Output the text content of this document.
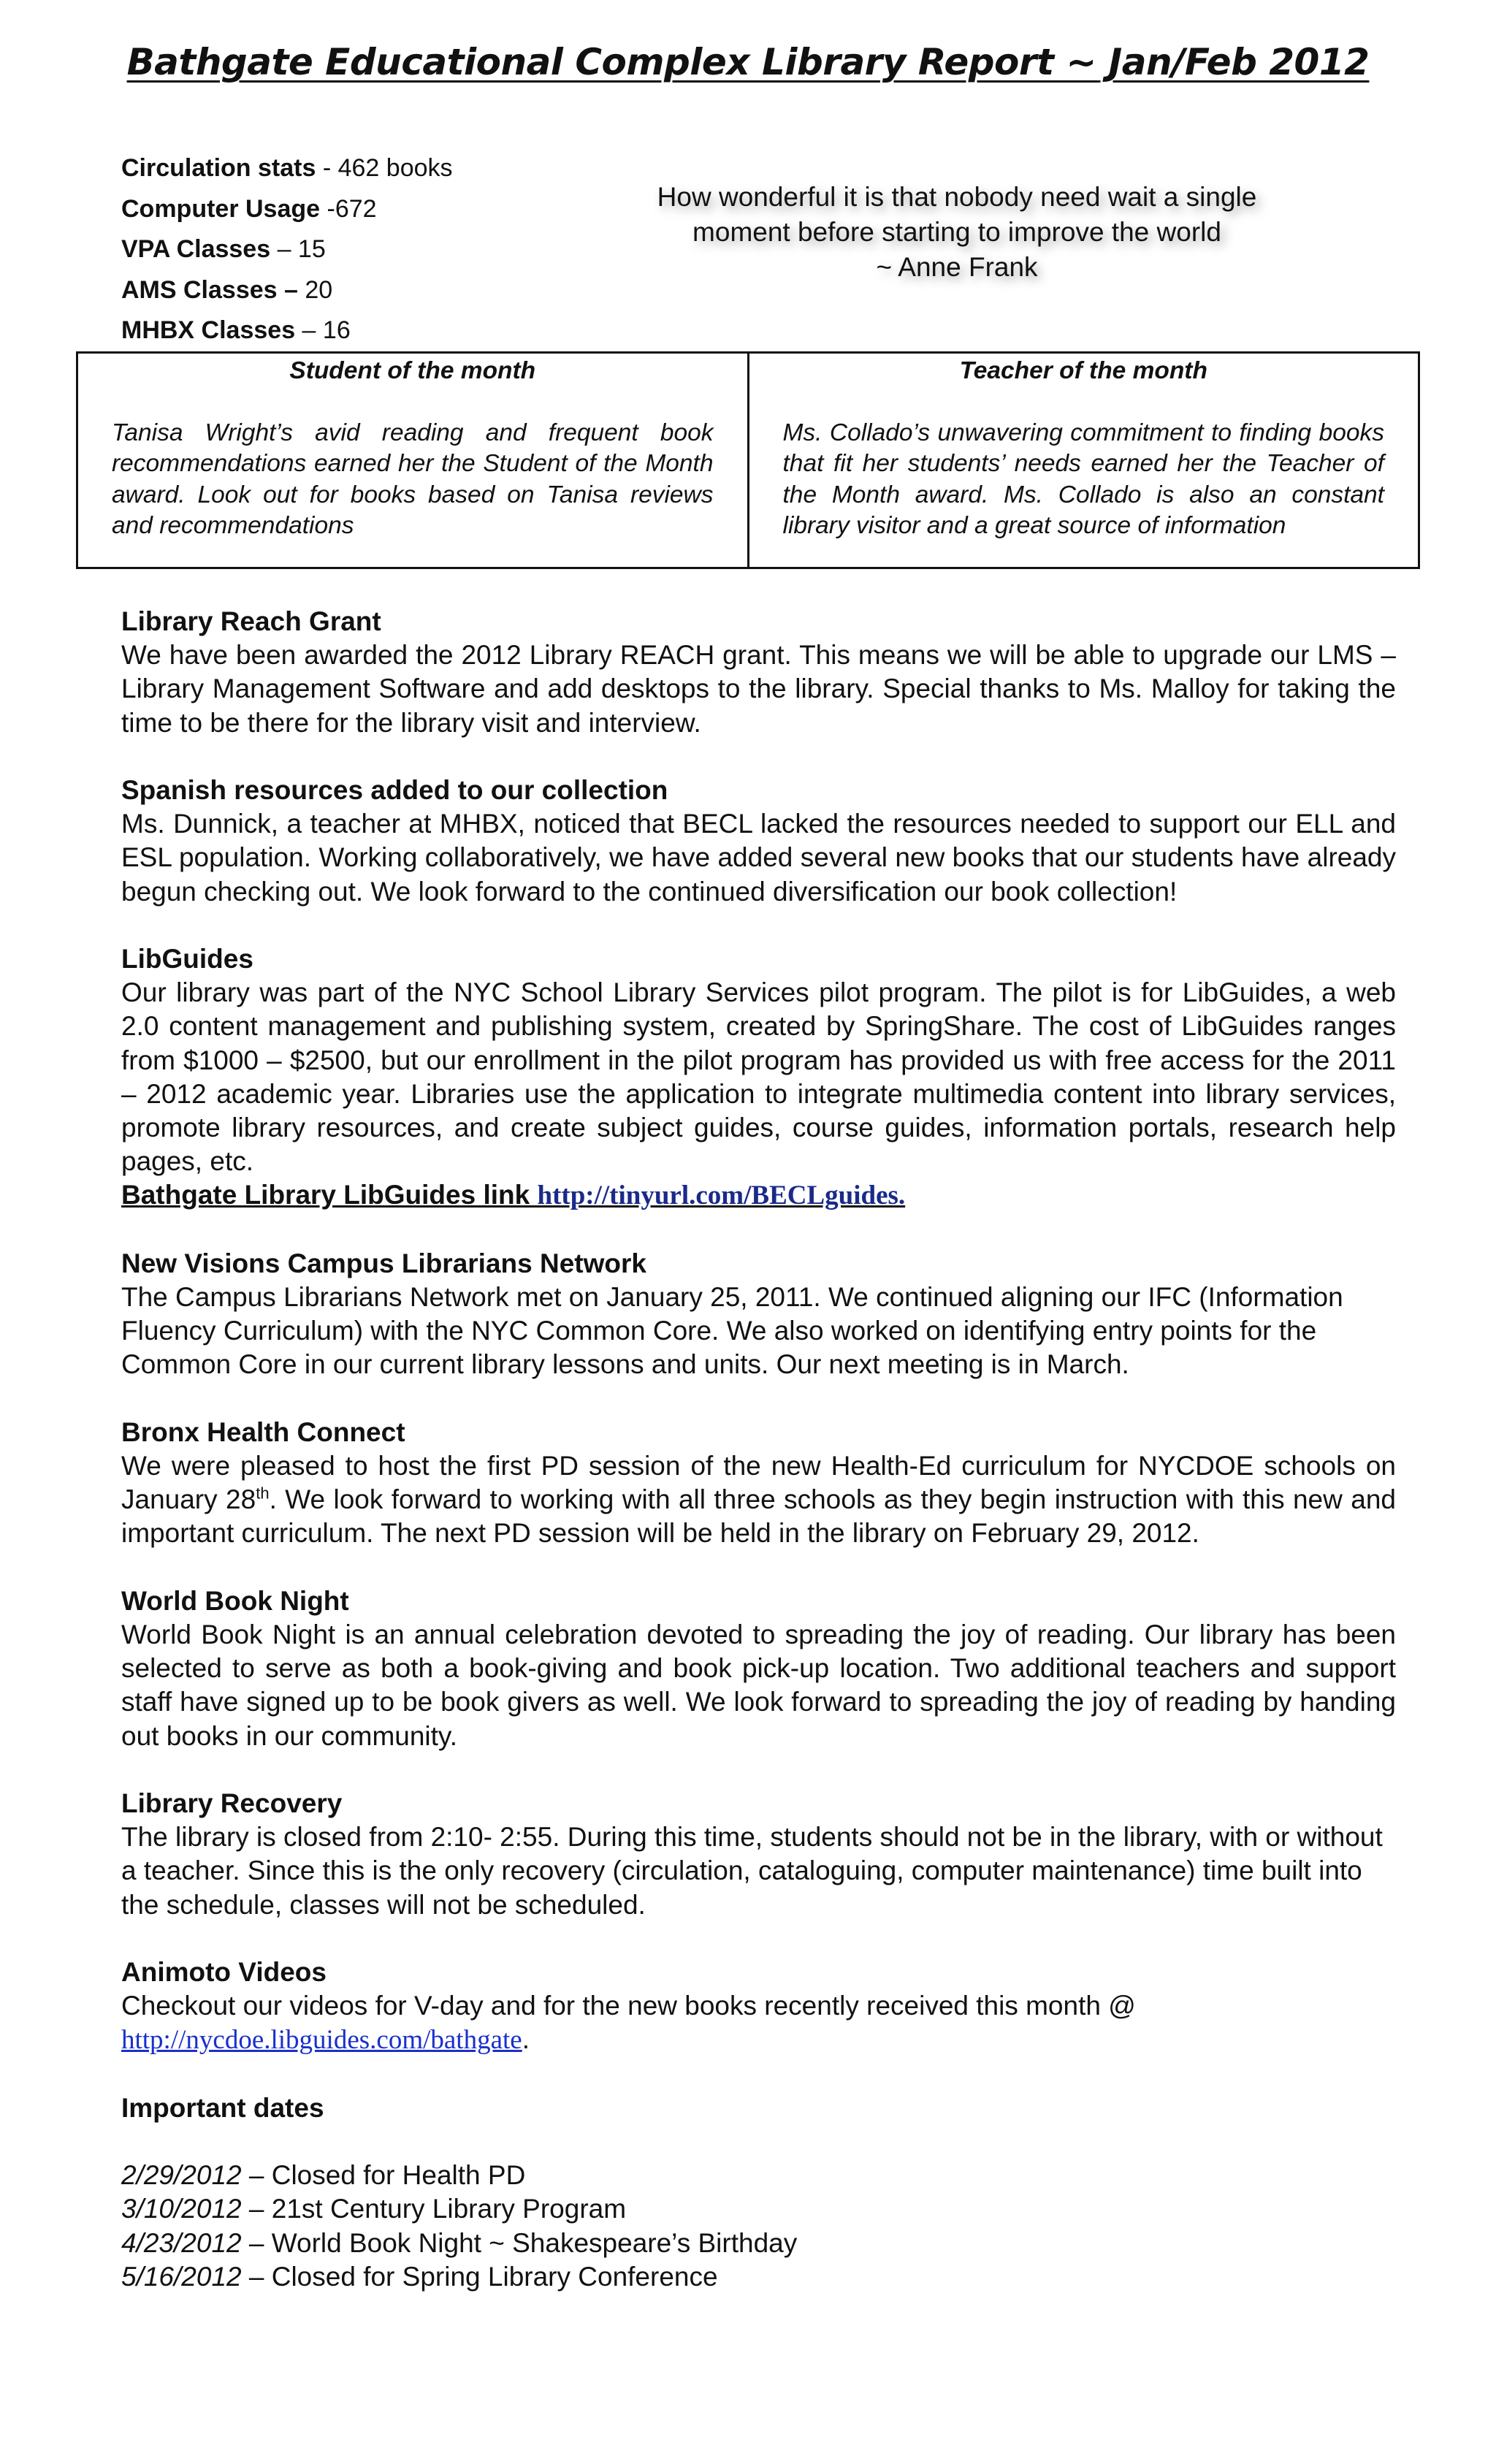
Bathgate Educational Complex Library Report ~ Jan/Feb 2012
Circulation stats - 462 books
Computer Usage -672
VPA Classes – 15
AMS Classes – 20
MHBX Classes – 16
How wonderful it is that nobody need wait a single
moment before starting to improve the world
~ Anne Frank
Student of the month
Tanisa Wright’s avid reading and frequent book recommendations earned her the Student of the Month award. Look out for books based on Tanisa reviews and recommendations
Teacher of the month
Ms. Collado’s unwavering commitment to finding books that fit her students’ needs earned her the Teacher of the Month award. Ms. Collado is also an constant library visitor and a great source of information
Library Reach Grant
We have been awarded the 2012 Library REACH grant. This means we will be able to upgrade our LMS – Library Management Software and add desktops to the library. Special thanks to Ms. Malloy for taking the time to be there for the library visit and interview.
Spanish resources added to our collection
Ms. Dunnick, a teacher at MHBX, noticed that BECL lacked the resources needed to support our ELL and ESL population. Working collaboratively, we have added several new books that our students have already begun checking out. We look forward to the continued diversification our book collection!
LibGuides
Our library was part of the NYC School Library Services pilot program. The pilot is for LibGuides, a web 2.0 content management and publishing system, created by SpringShare. The cost of LibGuides ranges from $1000 – $2500, but our enrollment in the pilot program has provided us with free access for the 2011 – 2012 academic year. Libraries use the application to integrate multimedia content into library services, promote library resources, and create subject guides, course guides, information portals, research help pages, etc.
Bathgate Library LibGuides link http://tinyurl.com/BECLguides.
New Visions Campus Librarians Network
The Campus Librarians Network met on January 25, 2011. We continued aligning our IFC (Information Fluency Curriculum) with the NYC Common Core. We also worked on identifying entry points for the Common Core in our current library lessons and units. Our next meeting is in March.
Bronx Health Connect
We were pleased to host the first PD session of the new Health-Ed curriculum for NYCDOE schools on January 28th. We look forward to working with all three schools as they begin instruction with this new and important curriculum. The next PD session will be held in the library on February 29, 2012.
World Book Night
World Book Night is an annual celebration devoted to spreading the joy of reading. Our library has been selected to serve as both a book-giving and book pick-up location. Two additional teachers and support staff have signed up to be book givers as well. We look forward to spreading the joy of reading by handing out books in our community.
Library Recovery
The library is closed from 2:10- 2:55. During this time, students should not be in the library, with or without a teacher. Since this is the only recovery (circulation, cataloguing, computer maintenance) time built into the schedule, classes will not be scheduled.
Animoto Videos
Checkout our videos for V-day and for the new books recently received this month @
http://nycdoe.libguides.com/bathgate.
Important dates
2/29/2012 – Closed for Health PD
3/10/2012 – 21st Century Library Program
4/23/2012 – World Book Night ~ Shakespeare’s Birthday
5/16/2012 – Closed for Spring Library Conference
